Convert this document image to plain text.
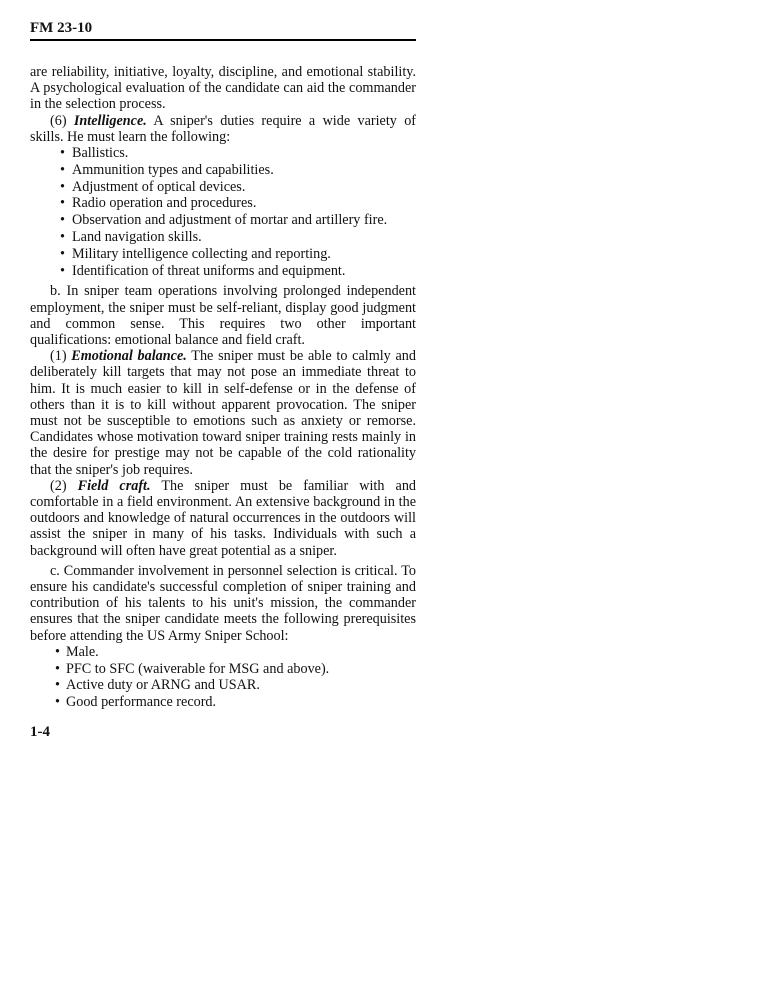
FM 23-10

are reliability, initiative, loyalty, discipline, and emotional stability. A psychological evaluation of the candidate can aid the commander in the selection process.

(6) Intelligence. A sniper's duties require a wide variety of skills. He must learn the following:

• Ballistics.
• Ammunition types and capabilities.
• Adjustment of optical devices.
• Radio operation and procedures.
• Observation and adjustment of mortar and artillery fire.
• Land navigation skills.
• Military intelligence collecting and reporting.
• Identification of threat uniforms and equipment.

b. In sniper team operations involving prolonged independent employment, the sniper must be self-reliant, display good judgment and common sense. This requires two other important qualifications: emotional balance and field craft.

(1) Emotional balance. The sniper must be able to calmly and deliberately kill targets that may not pose an immediate threat to him. It is much easier to kill in self-defense or in the defense of others than it is to kill without apparent provocation. The sniper must not be susceptible to emotions such as anxiety or remorse. Candidates whose motivation toward sniper training rests mainly in the desire for prestige may not be capable of the cold rationality that the sniper's job requires.

(2) Field craft. The sniper must be familiar with and comfortable in a field environment. An extensive background in the outdoors and knowledge of natural occurrences in the outdoors will assist the sniper in many of his tasks. Individuals with such a background will often have great potential as a sniper.

c. Commander involvement in personnel selection is critical. To ensure his candidate's successful completion of sniper training and contribution of his talents to his unit's mission, the commander ensures that the sniper candidate meets the following prerequisites before attending the US Army Sniper School:

• Male.
• PFC to SFC (waiverable for MSG and above).
• Active duty or ARNG and USAR.
• Good performance record.
1-4
